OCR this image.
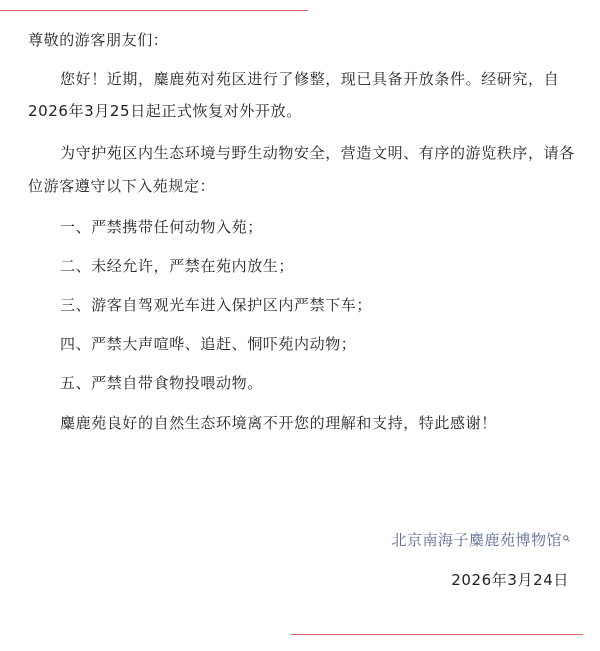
尊敬的游客朋友们：
您好！近期，麋鹿苑对苑区进行了修整，现已具备开放条件。经研究，自
2026年3月25日起正式恢复对外开放。
为守护苑区内生态环境与野生动物安全，营造文明、有序的游览秩序，请各
位游客遵守以下入苑规定：
一、严禁携带任何动物入苑；
二、未经允许，严禁在苑内放生；
三、游客自驾观光车进入保护区内严禁下车；
四、严禁大声喧哗、追赶、恫吓苑内动物；
五、严禁自带食物投喂动物。
麋鹿苑良好的自然生态环境离不开您的理解和支持，特此感谢！
北京南海子麋鹿苑博物馆
2026年3月24日
